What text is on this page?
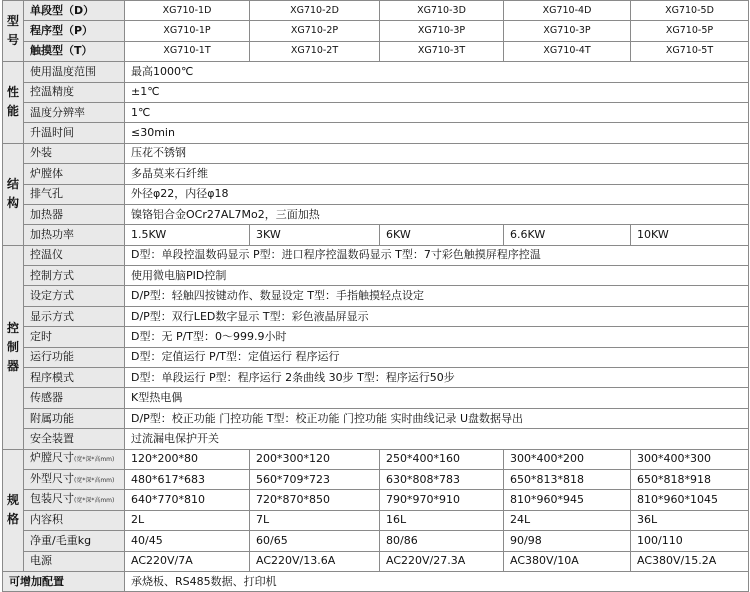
型
号	单段型（D）	XG710-1D	XG710-2D	XG710-3D	XG710-4D	XG710-5D
	程序型（P）	XG710-1P	XG710-2P	XG710-3P	XG710-3P	XG710-5P
	触摸型（T）	XG710-1T	XG710-2T	XG710-3T	XG710-4T	XG710-5T

性
能	使用温度范围	最高1000℃				
	控温精度	±1℃				
	温度分辨率	1℃				
	升温时间	≤30min				

结
构	外装	压花不锈钢				
	炉膛体	多晶莫来石纤维				
	排气孔	外径φ22，内径φ18				
	加热器	镍铬铝合金OCr27AL7Mo2，三面加热				
	加热功率	1.5KW	3KW	6KW	6.6KW	10KW

控
制
器	控温仪	D型：单段控温数码显示 P型：进口程序控温数码显示 T型：7寸彩色触摸屏程序控温				
	控制方式	使用微电脑PID控制				
	设定方式	D/P型：轻触四按键动作、数显设定 T型：手指触摸轻点设定				
	显示方式	D/P型：双行LED数字显示 T型：彩色液晶屏显示				
	定时	D型：无 P/T型：0～999.9小时				
	运行功能	D型：定值运行 P/T型：定值运行 程序运行				
	程序模式	D型：单段运行 P型：程序运行 2条曲线 30步 T型：程序运行50步				
	传感器	K型热电偶				
	附属功能	D/P型：校正功能 门控功能 T型：校正功能 门控功能 实时曲线记录 U盘数据导出				
	安全装置	过流漏电保护开关				

规
格	炉膛尺寸(宽*深*高mm)	120*200*80	200*300*120	250*400*160	300*400*200	300*400*300
	外型尺寸(宽*深*高mm)	480*617*683	560*709*723	630*808*783	650*813*818	650*818*918
	包装尺寸(宽*深*高mm)	640*770*810	720*870*850	790*970*910	810*960*945	810*960*1045
	内容积	2L	7L	16L	24L	36L
	净重/毛重kg	40/45	60/65	80/86	90/98	100/110
	电源	AC220V/7A	AC220V/13.6A	AC220V/27.3A	AC380V/10A	AC380V/15.2A
可增加配置		承烧板、RS485数据、打印机				
